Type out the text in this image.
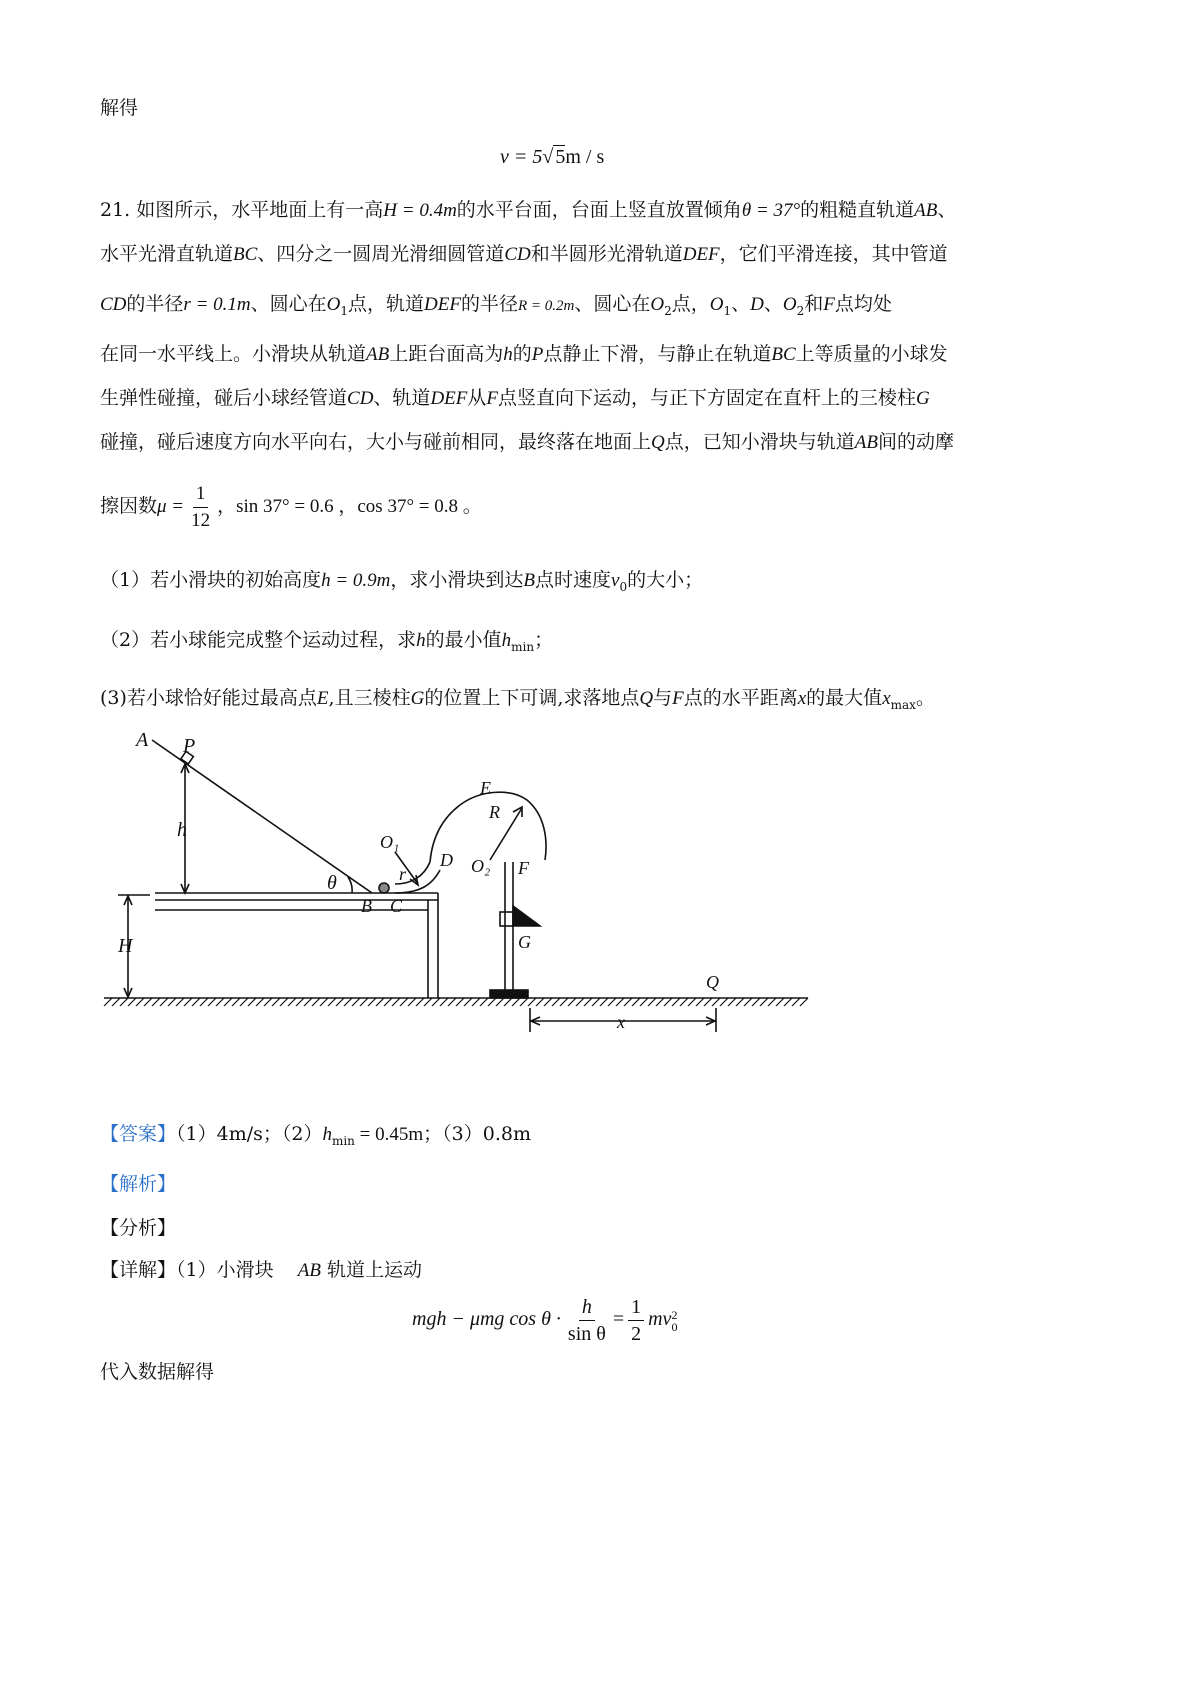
解得
v = 5√ 5m / s
21. 如图所示，水平地面上有一高H = 0.4m的水平台面，台面上竖直放置倾角θ = 37°的粗糙直轨道AB、
水平光滑直轨道BC、四分之一圆周光滑细圆管道CD和半圆形光滑轨道DEF，它们平滑连接，其中管道
CD的半径r = 0.1m、圆心在$O_1$点，轨道DEF的半径R = 0.2m、圆心在$O_2$点，$O_1$、D、$O_2$和F点均处
在同一水平线上。小滑块从轨道AB上距台面高为h的P点静止下滑，与静止在轨道BC上等质量的小球发
生弹性碰撞，碰后小球经管道CD、轨道DEF从F点竖直向下运动，与正下方固定在直杆上的三棱柱G
碰撞，碰后速度方向水平向右，大小与碰前相同，最终落在地面上Q点，已知小滑块与轨道AB间的动摩
擦因数$\mu = \frac{1}{12}$ ，sin 37° = 0.6 ，cos 37° = 0.8 。
（1）若小滑块的初始高度h = 0.9m，求小滑块到达B点时速度$v_0$的大小；
（2）若小球能完成整个运动过程，求h的最小值$h_{min}$；
(3)若小球恰好能过最高点E,且三棱柱G的位置上下可调,求落地点Q与F点的水平距离x的最大值$x_{max}$。
A P
h
θ
H
B C
O₁
r
D
E
R
O₂ F
G
Q
x
【答案】（1）4m/s；$(2)h_{min} = 0.45m$；（3）0.8m
【解析】
【分析】
【详解】（1）小滑块 AB 轨道上运动
mgh − μmg $\cos \theta \cdot \frac{h}{\text{sin θ}} = \frac{1}{2}$ mv 2
0
代入数据解得
